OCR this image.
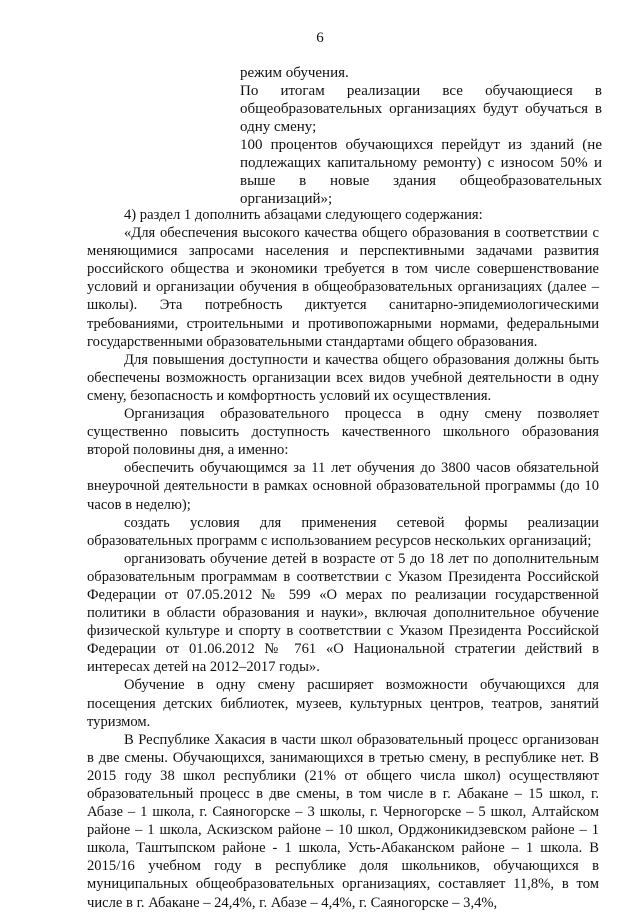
6

режим обучения.

По итогам реализации все обучающиеся в общеобразовательных организациях будут обучаться в одну смену;

100 процентов обучающихся перейдут из зданий (не подлежащих капитальному ремонту) с износом 50% и выше в новые здания общеобразовательных организаций»;

4) раздел 1 дополнить абзацами следующего содержания:

«Для обеспечения высокого качества общего образования в соответствии с меняющимися запросами населения и перспективными задачами развития российского общества и экономики требуется в том числе совершенствование условий и организации обучения в общеобразовательных организациях (далее – школы). Эта потребность диктуется санитарно-эпидемиологическими требованиями, строительными и противопожарными нормами, федеральными государственными образовательными стандартами общего образования.

Для повышения доступности и качества общего образования должны быть обеспечены возможность организации всех видов учебной деятельности в одну смену, безопасность и комфортность условий их осуществления.

Организация образовательного процесса в одну смену позволяет существенно повысить доступность качественного школьного образования второй половины дня, а именно:

обеспечить обучающимся за 11 лет обучения до 3800 часов обязательной внеурочной деятельности в рамках основной образовательной программы (до 10 часов в неделю);

создать условия для применения сетевой формы реализации образовательных программ с использованием ресурсов нескольких организаций;

организовать обучение детей в возрасте от 5 до 18 лет по дополнительным образовательным программам в соответствии с Указом Президента Российской Федерации от 07.05.2012 № 599 «О мерах по реализации государственной политики в области образования и науки», включая дополнительное обучение физической культуре и спорту в соответствии с Указом Президента Российской Федерации от 01.06.2012 № 761 «О Национальной стратегии действий в интересах детей на 2012–2017 годы».

Обучение в одну смену расширяет возможности обучающихся для посещения детских библиотек, музеев, культурных центров, театров, занятий туризмом.

В Республике Хакасия в части школ образовательный процесс организован в две смены. Обучающихся, занимающихся в третью смену, в республике нет. В 2015 году 38 школ республики (21% от общего числа школ) осуществляют образовательный процесс в две смены, в том числе в г. Абакане – 15 школ, г. Абазе – 1 школа, г. Саяногорске – 3 школы, г. Черногорске – 5 школ, Алтайском районе – 1 школа, Аскизском районе – 10 школ, Орджоникидзевском районе – 1 школа, Таштыпском районе - 1 школа, Усть-Абаканском районе – 1 школа. В 2015/16 учебном году в республике доля школьников, обучающихся в муниципальных общеобразовательных организациях, составляет 11,8%, в том числе в г. Абакане – 24,4%, г. Абазе – 4,4%, г. Саяногорске – 3,4%,
